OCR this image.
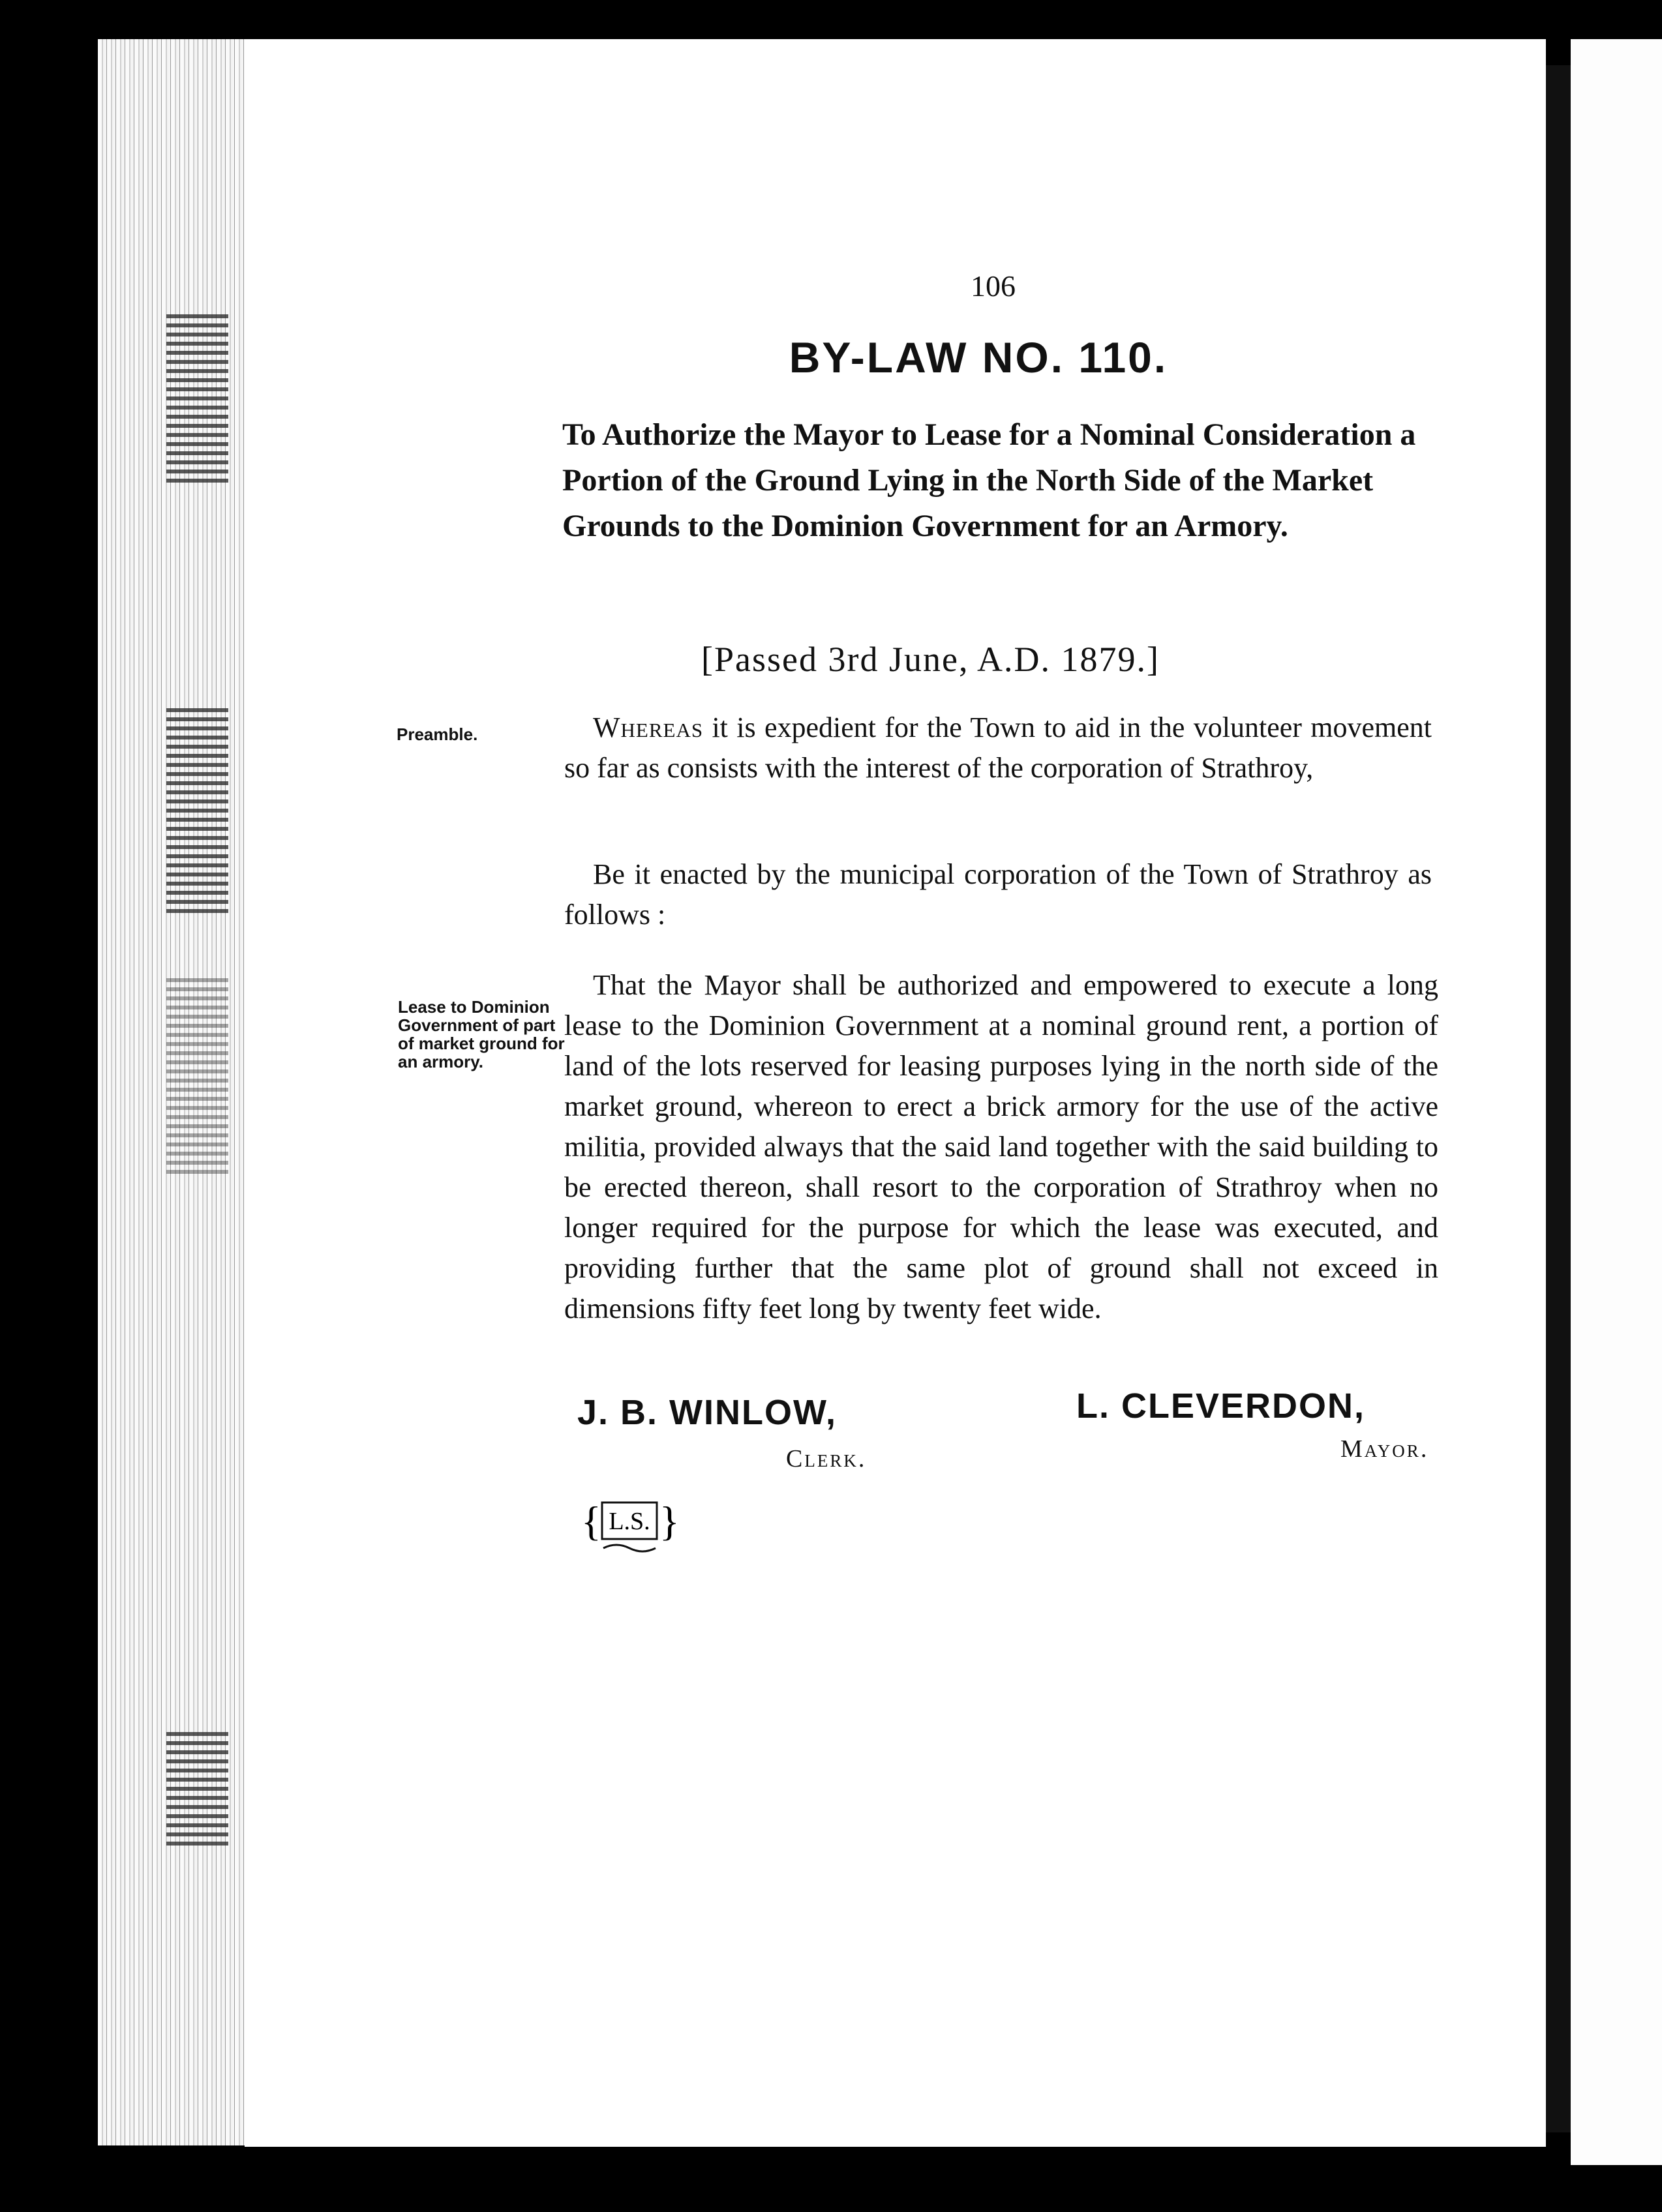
106
BY-LAW NO. 110.
To Authorize the Mayor to Lease for a Nominal Consideration a Portion of the Ground Lying in the North Side of the Market Grounds to the Dominion Government for an Armory.
[Passed 3rd June, A.D. 1879.]
Preamble.
Lease to Dominion Government of part of market ground for an armory.
 Whereas it is expedient for the Town to aid in the volunteer movement so far as consists with the interest of the corporation of Strathroy,
 Be it enacted by the municipal corporation of the Town of Strathroy as follows :
 That the Mayor shall be authorized and empowered to execute a long lease to the Dominion Government at a nominal ground rent, a portion of land of the lots reserved for leasing purposes lying in the north side of the market ground, whereon to erect a brick armory for the use of the active militia, provided always that the said land together with the said building to be erected thereon, shall resort to the corporation of Strathroy when no longer required for the purpose for which the lease was executed, and providing further that the same plot of ground shall not exceed in dimensions fifty feet long by twenty feet wide.
J. B. WINLOW,
Clerk.
L. CLEVERDON,
Mayor.
{ }
L.S.
